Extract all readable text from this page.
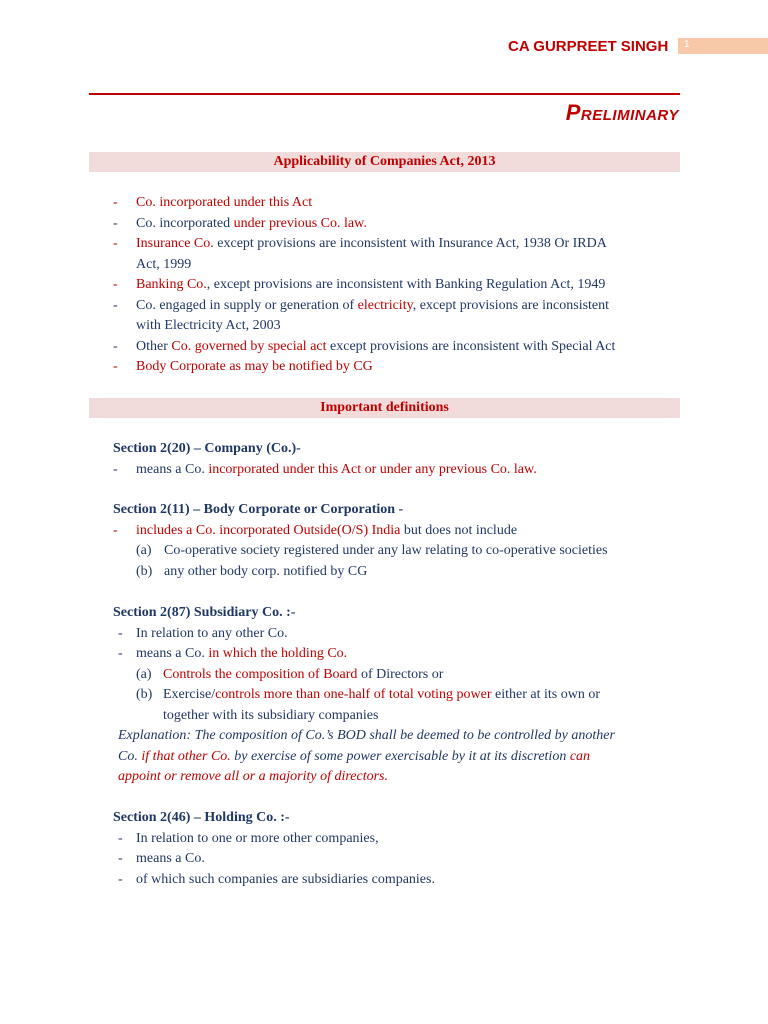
CA GURPREET SINGH 1
Preliminary
Applicability of Companies Act, 2013
Important definitions
- Co. incorporated under this Act
- Co. incorporated under previous Co. law.
- Insurance Co. except provisions are inconsistent with Insurance Act, 1938 Or IRDA
Act, 1999
- Banking Co., except provisions are inconsistent with Banking Regulation Act, 1949
- Co. engaged in supply or generation of electricity, except provisions are inconsistent
with Electricity Act, 2003
- Other Co. governed by special act except provisions are inconsistent with Special Act
- Body Corporate as may be notified by CG
Section 2(20) – Company (Co.)-
- means a Co. incorporated under this Act or under any previous Co. law.
Section 2(11) – Body Corporate or Corporation -
- includes a Co. incorporated Outside(O/S) India but does not include
(a) Co-operative society registered under any law relating to co-operative societies
(b) any other body corp. notified by CG
Section 2(87) Subsidiary Co. :-
- In relation to any other Co.
- means a Co. in which the holding Co.
(a) Controls the composition of Board of Directors or
(b) Exercise/controls more than one-half of total voting power either at its own or
together with its subsidiary companies
Explanation: The composition of Co.’s BOD shall be deemed to be controlled by another
Co. if that other Co. by exercise of some power exercisable by it at its discretion can
appoint or remove all or a majority of directors.
Section 2(46) – Holding Co. :-
- In relation to one or more other companies,
- means a Co.
- of which such companies are subsidiaries companies.
